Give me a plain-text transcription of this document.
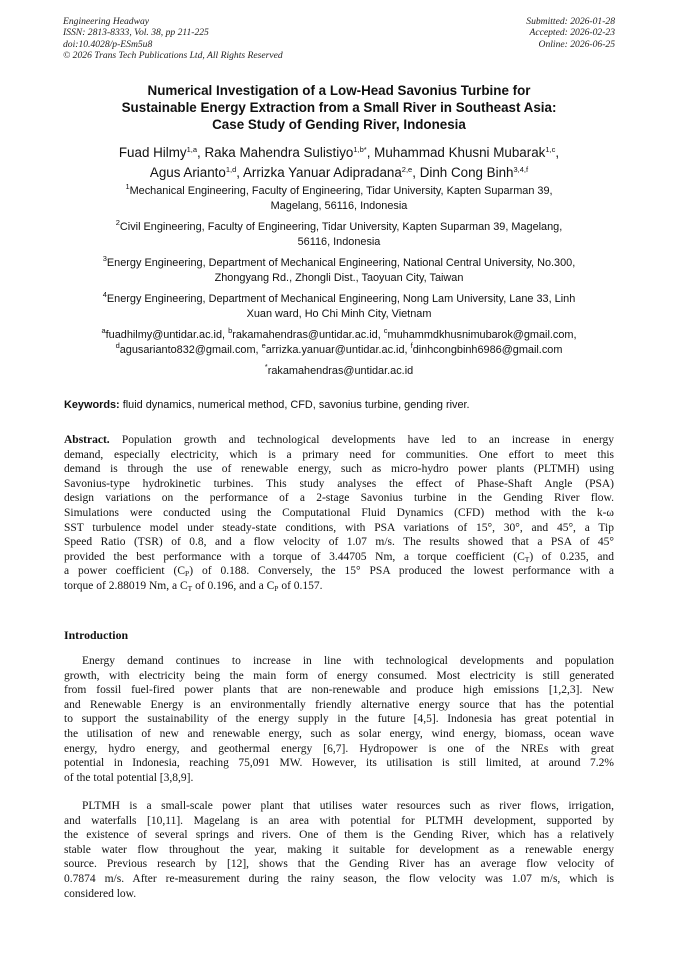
Engineering Headway
ISSN: 2813-8333, Vol. 38, pp 211-225
doi:10.4028/p-ESm5u8
© 2026 Trans Tech Publications Ltd, All Rights Reserved
Submitted: 2026-01-28
Accepted: 2026-02-23
Online: 2026-06-25
Numerical Investigation of a Low-Head Savonius Turbine for
Sustainable Energy Extraction from a Small River in Southeast Asia:
Case Study of Gending River, Indonesia
Fuad Hilmy$^{1,a}$, Raka Mahendra Sulistiyo$^{1,b*}$, Muhammad Khusni Mubarak$^{1,c}$,
Agus Arianto$^{1,d}$, Arrizka Yanuar Adipradana$^{2,e}$, Dinh Cong Binh$^{3,4,f}$
$^1$Mechanical Engineering, Faculty of Engineering, Tidar University, Kapten Suparman 39,
Magelang, 56116, Indonesia
$^2$Civil Engineering, Faculty of Engineering, Tidar University, Kapten Suparman 39, Magelang,
56116, Indonesia
$^3$Energy Engineering, Department of Mechanical Engineering, National Central University, No.300,
Zhongyang Rd., Zhongli Dist., Taoyuan City, Taiwan
$^4$Energy Engineering, Department of Mechanical Engineering, Nong Lam University, Lane 33, Linh
Xuan ward, Ho Chi Minh City, Vietnam
$^a$fuadhilmy@untidar.ac.id, $^b$rakamahendras@untidar.ac.id, $^c$muhammdkhusnimubarok@gmail.com,
$^d$agusarianto832@gmail.com, $^e$arrizka.yanuar@untidar.ac.id, $^f$dinhcongbinh6986@gmail.com
*rakamahendras@untidar.ac.id
Keywords: fluid dynamics, numerical method, CFD, savonius turbine, gending river.
Abstract. Population growth and technological developments have led to an increase in energy
demand, especially electricity, which is a primary need for communities. One effort to meet this
demand is through the use of renewable energy, such as micro-hydro power plants (PLTMH) using
Savonius-type hydrokinetic turbines. This study analyses the effect of Phase-Shaft Angle (PSA)
design variations on the performance of a 2-stage Savonius turbine in the Gending River flow.
Simulations were conducted using the Computational Fluid Dynamics (CFD) method with the k-ω
SST turbulence model under steady-state conditions, with PSA variations of 15°, 30°, and 45°, a Tip
Speed Ratio (TSR) of 0.8, and a flow velocity of 1.07 m/s. The results showed that a PSA of 45°
provided the best performance with a torque of 3.44705 Nm, a torque coefficient $(C_T)$ of 0.235, and
a power coefficient $(C_P)$ of 0.188. Conversely, the 15° PSA produced the lowest performance with a
torque of 2.88019 Nm, a $C_T$ of 0.196, and a $C_P$ of 0.157.
Introduction
Energy demand continues to increase in line with technological developments and population
growth, with electricity being the main form of energy consumed. Most electricity is still generated
from fossil fuel-fired power plants that are non-renewable and produce high emissions [1,2,3]. New
and Renewable Energy is an environmentally friendly alternative energy source that has the potential
to support the sustainability of the energy supply in the future [4,5]. Indonesia has great potential in
the utilisation of new and renewable energy, such as solar energy, wind energy, biomass, ocean wave
energy, hydro energy, and geothermal energy [6,7]. Hydropower is one of the NREs with great
potential in Indonesia, reaching 75,091 MW. However, its utilisation is still limited, at around 7.2%
of the total potential [3,8,9].
PLTMH is a small-scale power plant that utilises water resources such as river flows, irrigation,
and waterfalls [10,11]. Magelang is an area with potential for PLTMH development, supported by
the existence of several springs and rivers. One of them is the Gending River, which has a relatively
stable water flow throughout the year, making it suitable for development as a renewable energy
source. Previous research by [12], shows that the Gending River has an average flow velocity of
0.7874 m/s. After re-measurement during the rainy season, the flow velocity was 1.07 m/s, which is
considered low.
